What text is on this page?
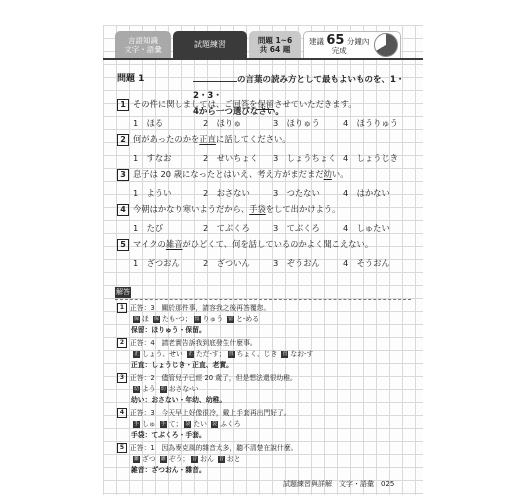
言語知識
文字・語彙	試題練習	問題 1~6
共 64 題
建議 65 分鐘內
完成
問題 1	の言葉の読み方として最もよいものを、1・2・3・
4から一つ選びなさい。
1 その件に関しましては、ご回答を保留させていただきます。
1　ほる	2　ほりゅ	3　ほりゅう	4　ほうりゅう
2 何があったのかを正直に話してください。
1　すなお	2　せいちょく	3　しょうちょく 4　しょうじき
3 息子は 20 歳になったとはいえ、考え方がまだまだ幼い。
1　ようい	2　おさない	3　つたない	4　はかない
4 今朝はかなり寒いようだから、手袋をして出かけよう。
1　たび	2　てぶくろ	3　てぶくろ	4　しゅたい
5 マイクの雑音がひどくて、何を話しているのかよく聞こえない。
1　ざつおん	2　ざついん	3　ぞうおん	4　そうおん
解答
1 正答：3　關於那件事，請容我之後再答覆您。
保 ほ 保 たも-つ； 留 りゅう 留 と-める
保留：ほりゅう・保留。
2 正答：4　請老實告訴我到底發生什麼事。
正 しょう、せい 正 ただ-す； 直 ちょく、じき 直 なお-す
正直：しょうじき・正直、老實。
3 正答：2　儘管兒子已經 20 歲了，但是想法還很幼稚。
幼 よう 幼 おさな-い
幼い：おさない・年幼、幼稚。
4 正答：3　今天早上好像很冷，戴上手套再出門好了。
手 しゅ 手 て； 袋 たい 袋 ふくろ
手袋：てぶくろ・手套。
5 正答：1　因為麥克風的雜音太多，聽不清楚在說什麼。
雑 ざつ 雑 ぞう； 音 おん 音 おと
雑音：ざつおん・雜音。
試題練習與詳解　文字・語彙　025
